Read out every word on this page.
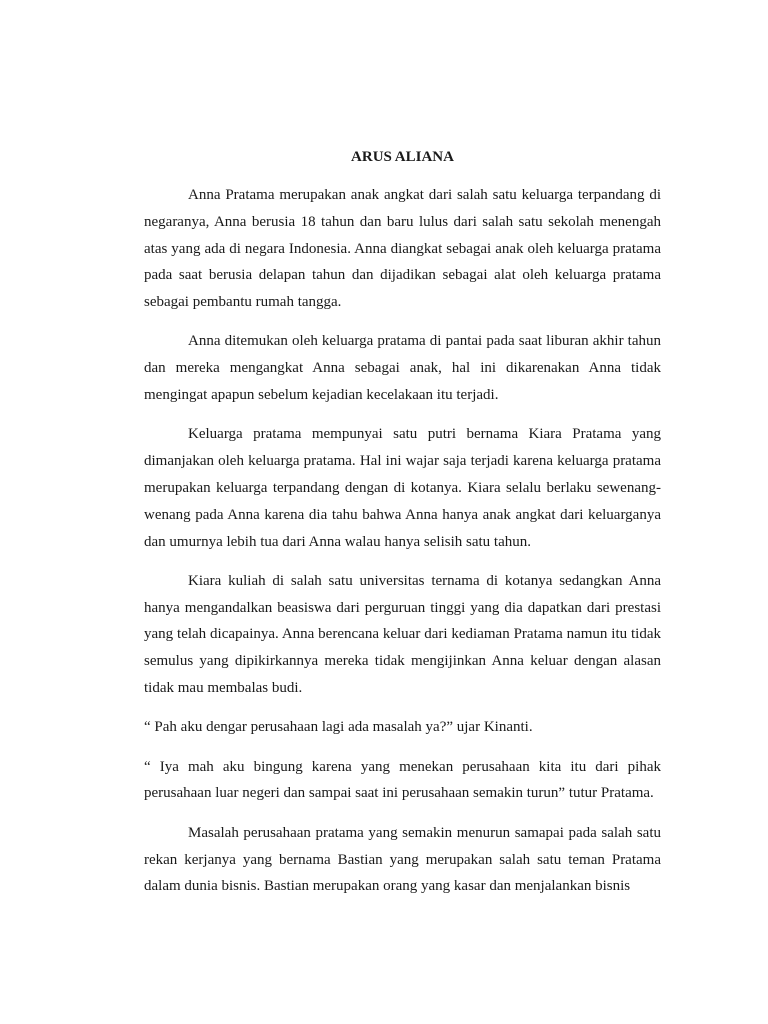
ARUS ALIANA

Anna Pratama merupakan anak angkat dari salah satu keluarga terpandang di negaranya, Anna berusia 18 tahun dan baru lulus dari salah satu sekolah menengah atas yang ada di negara Indonesia. Anna diangkat sebagai anak oleh keluarga pratama pada saat berusia delapan tahun dan dijadikan sebagai alat oleh keluarga pratama sebagai pembantu rumah tangga.

Anna ditemukan oleh keluarga pratama di pantai pada saat liburan akhir tahun dan mereka mengangkat Anna sebagai anak, hal ini dikarenakan Anna tidak mengingat apapun sebelum kejadian kecelakaan itu terjadi.

Keluarga pratama mempunyai satu putri bernama Kiara Pratama yang dimanjakan oleh keluarga pratama. Hal ini wajar saja terjadi karena keluarga pratama merupakan keluarga terpandang dengan di kotanya. Kiara selalu berlaku sewenang-wenang pada Anna karena dia tahu bahwa Anna hanya anak angkat dari keluarganya dan umurnya lebih tua dari Anna walau hanya selisih satu tahun.

Kiara kuliah di salah satu universitas ternama di kotanya sedangkan Anna hanya mengandalkan beasiswa dari perguruan tinggi yang dia dapatkan dari prestasi yang telah dicapainya. Anna berencana keluar dari kediaman Pratama namun itu tidak semulus yang dipikirkannya mereka tidak mengijinkan Anna keluar dengan alasan tidak mau membalas budi.

“ Pah aku dengar perusahaan lagi ada masalah ya?” ujar Kinanti.

“ Iya mah aku bingung karena yang menekan perusahaan kita itu dari pihak perusahaan luar negeri dan sampai saat ini perusahaan semakin turun” tutur Pratama.

Masalah perusahaan pratama yang semakin menurun samapai pada salah satu rekan kerjanya yang bernama Bastian yang merupakan salah satu teman Pratama dalam dunia bisnis. Bastian merupakan orang yang kasar dan menjalankan bisnis
